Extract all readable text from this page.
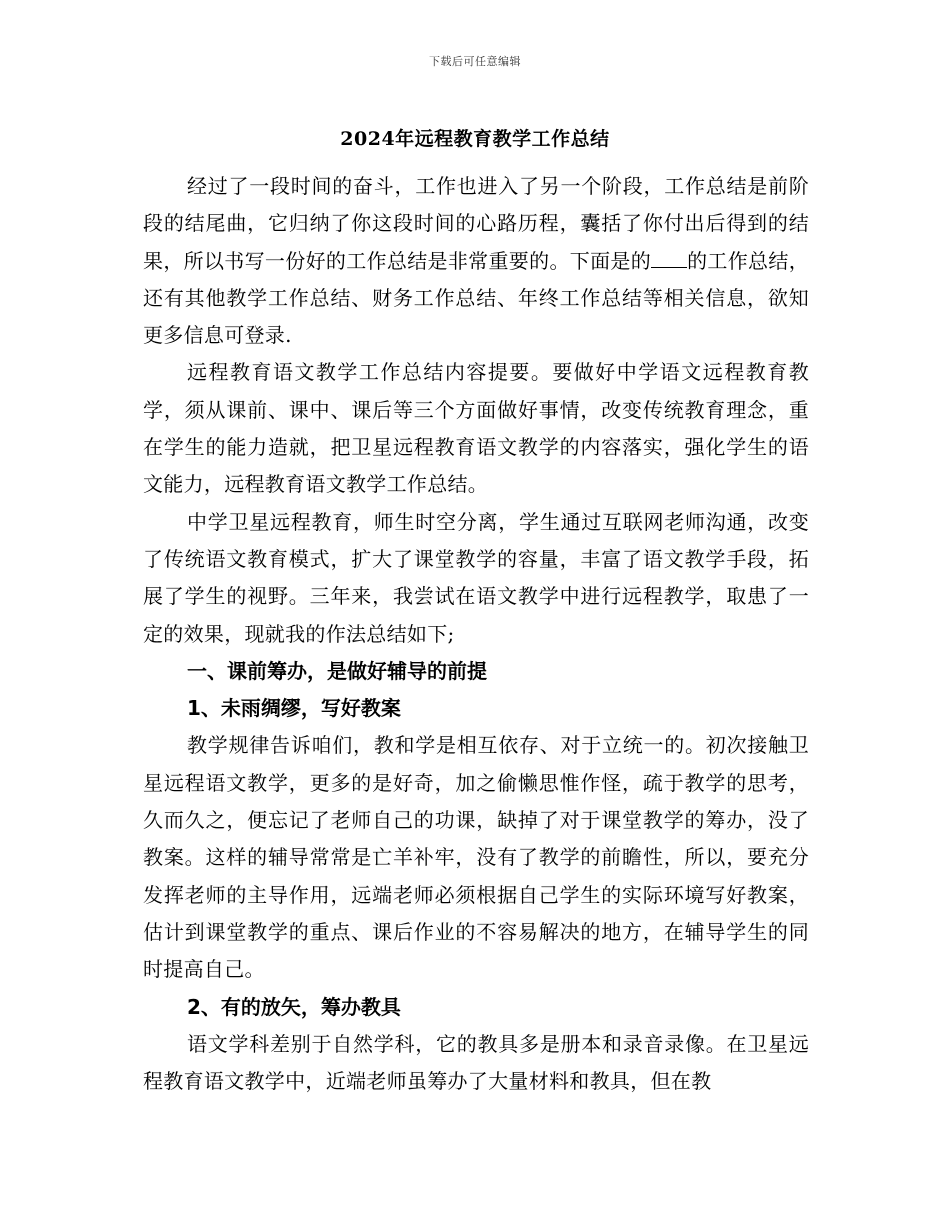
下载后可任意编辑
2024年远程教育教学工作总结

经过了一段时间的奋斗，工作也进入了另一个阶段，工作总结是前阶段的结尾曲，它归纳了你这段时间的心路历程，囊括了你付出后得到的结果，所以书写一份好的工作总结是非常重要的。下面是的 的工作总结，还有其他教学工作总结、财务工作总结、年终工作总结等相关信息，欲知更多信息可登录.

远程教育语文教学工作总结内容提要。要做好中学语文远程教育教学，须从课前、课中、课后等三个方面做好事情，改变传统教育理念，重在学生的能力造就，把卫星远程教育语文教学的内容落实，强化学生的语文能力，远程教育语文教学工作总结。

中学卫星远程教育，师生时空分离，学生通过互联网老师沟通，改变了传统语文教育模式，扩大了课堂教学的容量，丰富了语文教学手段，拓展了学生的视野。三年来，我尝试在语文教学中进行远程教学，取患了一定的效果，现就我的作法总结如下;

一、课前筹办，是做好辅导的前提

1、未雨绸缪，写好教案

教学规律告诉咱们，教和学是相互依存、对于立统一的。初次接触卫星远程语文教学，更多的是好奇，加之偷懒思惟作怪，疏于教学的思考，久而久之，便忘记了老师自己的功课，缺掉了对于课堂教学的筹办，没了教案。这样的辅导常常是亡羊补牢，没有了教学的前瞻性，所以，要充分发挥老师的主导作用，远端老师必须根据自己学生的实际环境写好教案，估计到课堂教学的重点、课后作业的不容易解决的地方，在辅导学生的同时提高自己。

2、有的放矢，筹办教具

语文学科差别于自然学科，它的教具多是册本和录音录像。在卫星远程教育语文教学中，近端老师虽筹办了大量材料和教具，但在教
